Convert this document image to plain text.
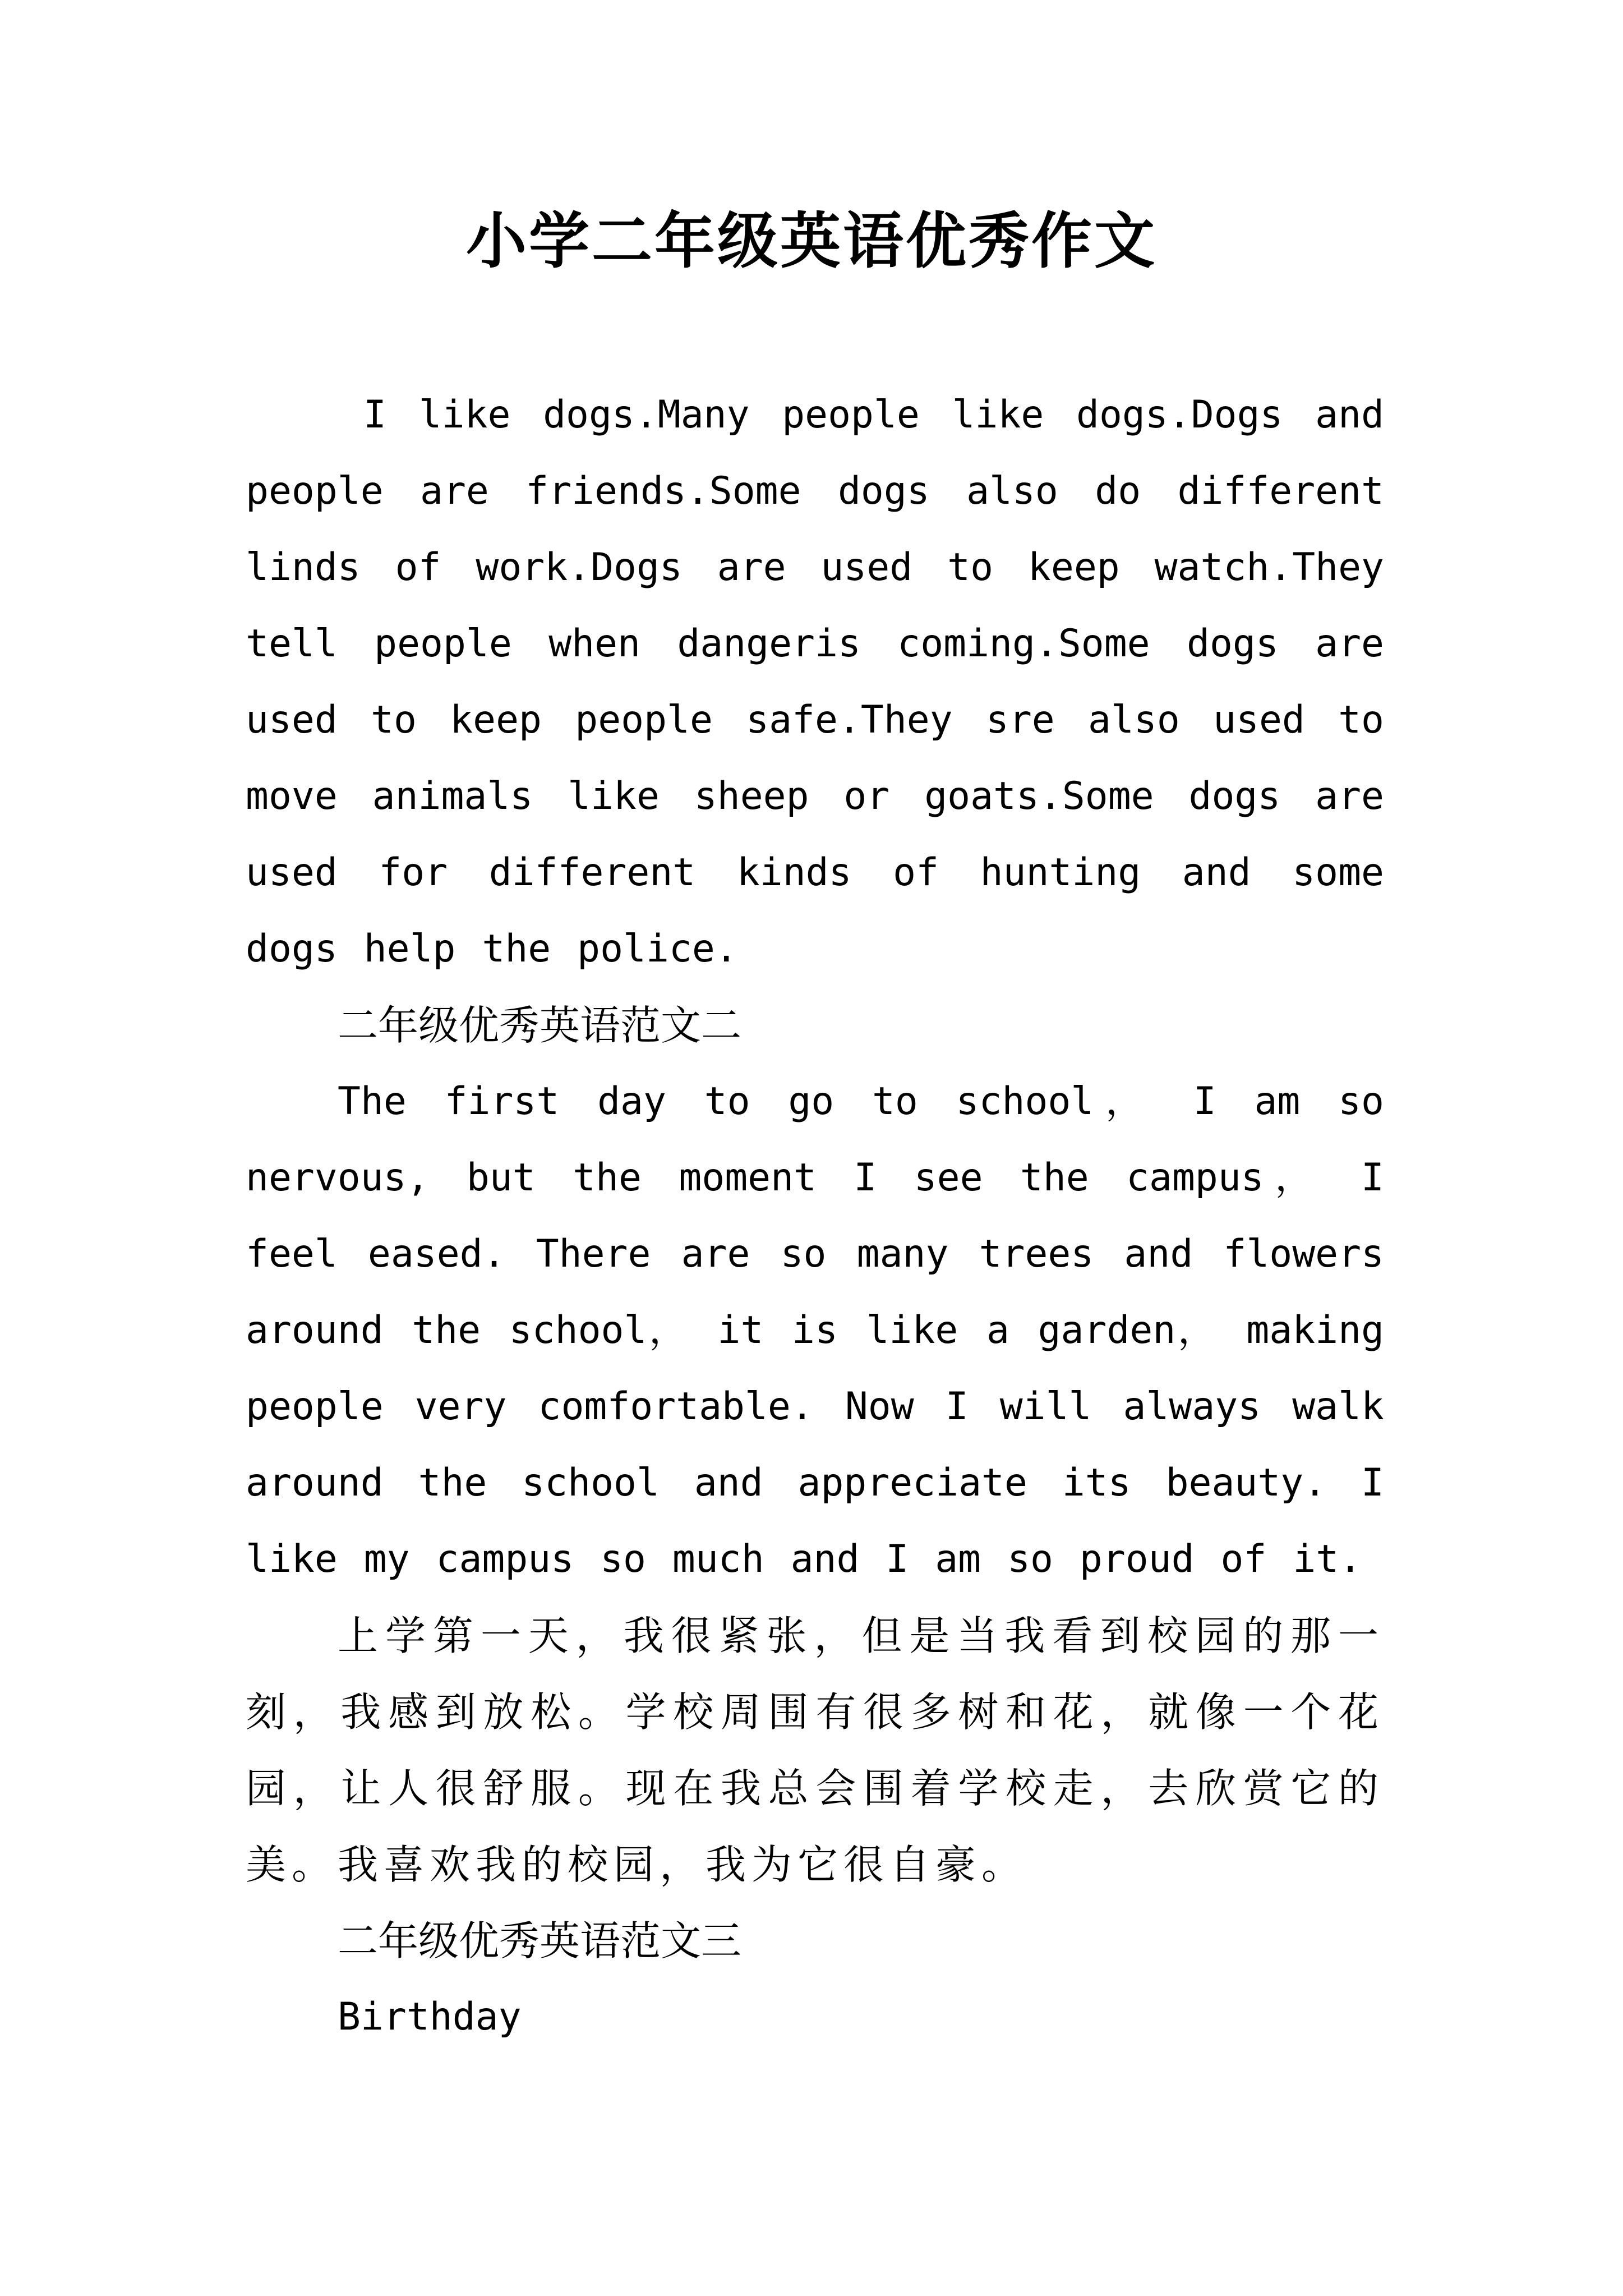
小学二年级英语优秀作文

I like dogs.Many people like dogs.Dogs and people are friends.Some dogs also do different linds of work.Dogs are used to keep watch.They tell people when dangeris coming.Some dogs are used to keep people safe.They sre also used to move animals like sheep or goats.Some dogs are used for different kinds of hunting and some dogs help the police.

二年级优秀英语范文二

The first day to go to school， I am so nervous, but the moment I see the campus， I feel eased. There are so many trees and flowers around the school， it is like a garden， making people very comfortable. Now I will always walk around the school and appreciate its beauty. I like my campus so much and I am so proud of it.

上学第一天，我很紧张，但是当我看到校园的那一刻，我感到放松。学校周围有很多树和花，就像一个花园，让人很舒服。现在我总会围着学校走，去欣赏它的美。我喜欢我的校园，我为它很自豪。

二年级优秀英语范文三

Birthday
